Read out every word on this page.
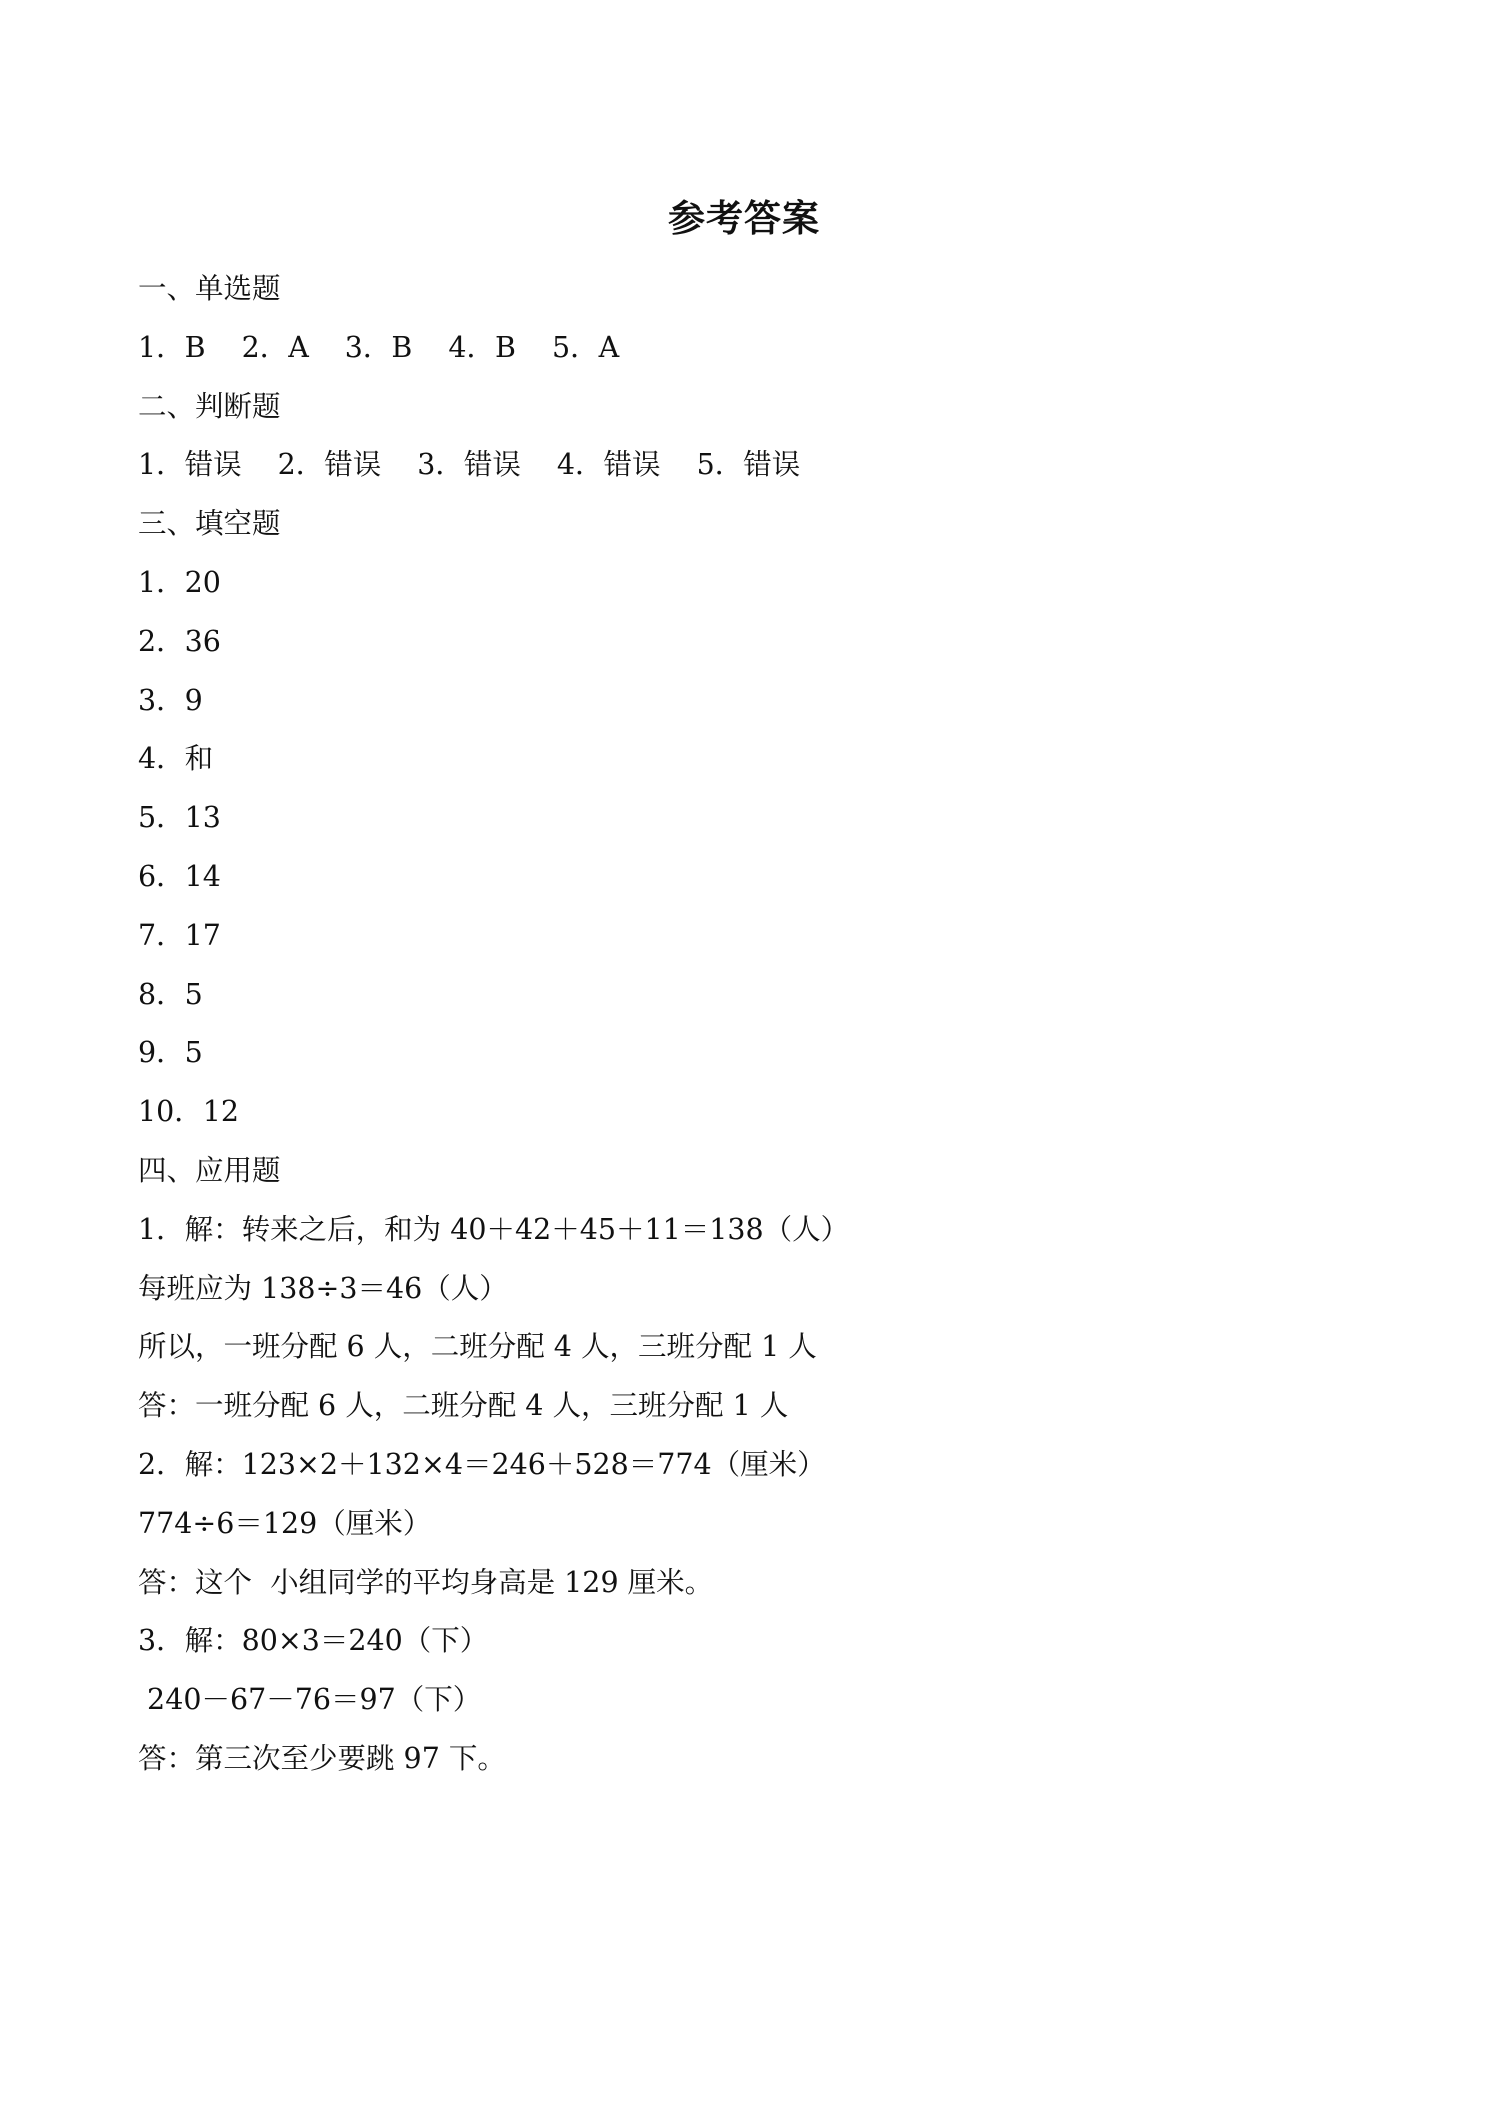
参考答案
一、单选题
1．B 2．A 3．B 4．B 5．A
二、判断题
1．错误 2．错误 3．错误 4．错误 5．错误
三、填空题
1．20
2．36
3．9
4．和
5．13
6．14
7．17
8．5
9．5
10．12
四、应用题
1．解：转来之后，和为 40＋42＋45＋11＝138（人）
每班应为 138÷3＝46（人）
所以，一班分配 6 人，二班分配 4 人，三班分配 1 人
答：一班分配 6 人，二班分配 4 人，三班分配 1 人
2．解：123×2＋132×4＝246＋528＝774（厘米）
774÷6＝129（厘米）
答：这个  小组同学的平均身高是 129 厘米。
3．解：80×3＝240（下）
240－67－76＝97（下）
答：第三次至少要跳 97 下。
